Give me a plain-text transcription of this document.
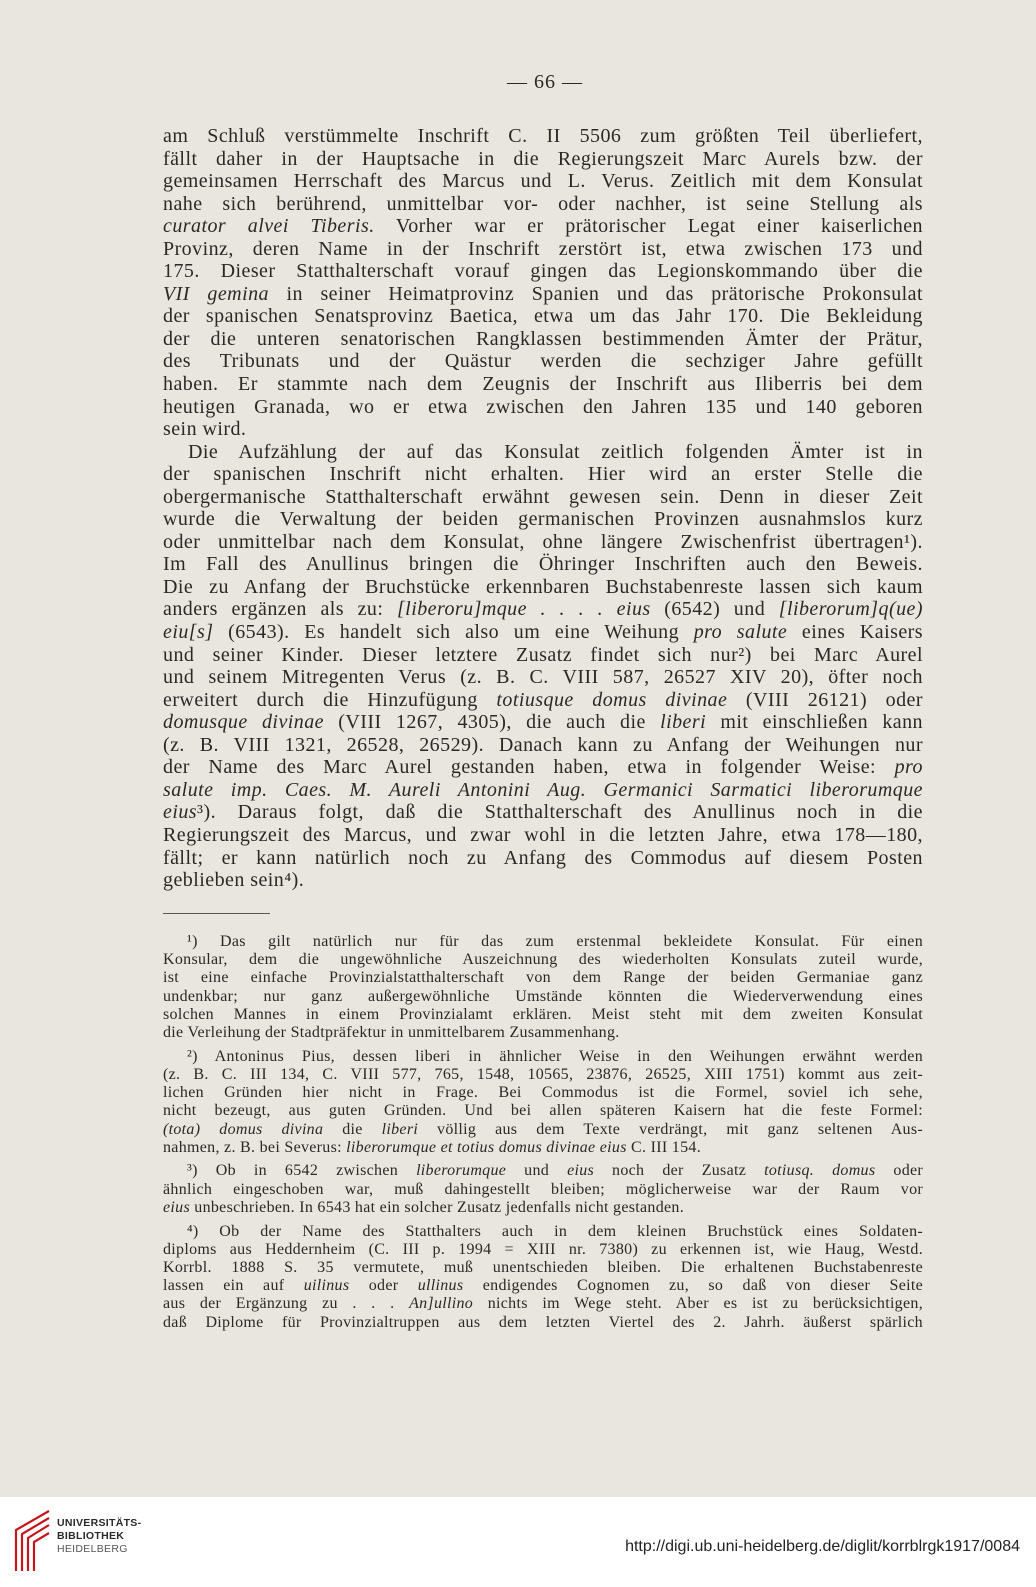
— 66 —
am Schluß verstümmelte Inschrift C. II 5506 zum größten Teil überliefert,
fällt daher in der Hauptsache in die Regierungszeit Marc Aurels bzw. der
gemeinsamen Herrschaft des Marcus und L. Verus. Zeitlich mit dem Konsulat
nahe sich berührend, unmittelbar vor- oder nachher, ist seine Stellung als
curator alvei Tiberis. Vorher war er prätorischer Legat einer kaiserlichen
Provinz, deren Name in der Inschrift zerstört ist, etwa zwischen 173 und
175. Dieser Statthalterschaft vorauf gingen das Legionskommando über die
VII gemina in seiner Heimatprovinz Spanien und das prätorische Prokonsulat
der spanischen Senatsprovinz Baetica, etwa um das Jahr 170. Die Bekleidung
der die unteren senatorischen Rangklassen bestimmenden Ämter der Prätur,
des Tribunats und der Quästur werden die sechziger Jahre gefüllt
haben. Er stammte nach dem Zeugnis der Inschrift aus Iliberris bei dem
heutigen Granada, wo er etwa zwischen den Jahren 135 und 140 geboren
sein wird.
Die Aufzählung der auf das Konsulat zeitlich folgenden Ämter ist in
der spanischen Inschrift nicht erhalten. Hier wird an erster Stelle die
obergermanische Statthalterschaft erwähnt gewesen sein. Denn in dieser Zeit
wurde die Verwaltung der beiden germanischen Provinzen ausnahmslos kurz
oder unmittelbar nach dem Konsulat, ohne längere Zwischenfrist übertragen¹).
Im Fall des Anullinus bringen die Öhringer Inschriften auch den Beweis.
Die zu Anfang der Bruchstücke erkennbaren Buchstabenreste lassen sich kaum
anders ergänzen als zu: [liberoru]mque . . . . eius (6542) und [liberorum]q(ue)
eiu[s] (6543). Es handelt sich also um eine Weihung pro salute eines Kaisers
und seiner Kinder. Dieser letztere Zusatz findet sich nur²) bei Marc Aurel
und seinem Mitregenten Verus (z. B. C. VIII 587, 26527 XIV 20), öfter noch
erweitert durch die Hinzufügung totiusque domus divinae (VIII 26121) oder
domusque divinae (VIII 1267, 4305), die auch die liberi mit einschließen kann
(z. B. VIII 1321, 26528, 26529). Danach kann zu Anfang der Weihungen nur
der Name des Marc Aurel gestanden haben, etwa in folgender Weise: pro
salute imp. Caes. M. Aureli Antonini Aug. Germanici Sarmatici liberorumque
eius³). Daraus folgt, daß die Statthalterschaft des Anullinus noch in die
Regierungszeit des Marcus, und zwar wohl in die letzten Jahre, etwa 178—180,
fällt; er kann natürlich noch zu Anfang des Commodus auf diesem Posten
geblieben sein⁴).
¹) Das gilt natürlich nur für das zum erstenmal bekleidete Konsulat. Für einen
Konsular, dem die ungewöhnliche Auszeichnung des wiederholten Konsulats zuteil wurde,
ist eine einfache Provinzialstatthalterschaft von dem Range der beiden Germaniae ganz
undenkbar; nur ganz außergewöhnliche Umstände könnten die Wiederverwendung eines
solchen Mannes in einem Provinzialamt erklären. Meist steht mit dem zweiten Konsulat
die Verleihung der Stadtpräfektur in unmittelbarem Zusammenhang.
²) Antoninus Pius, dessen liberi in ähnlicher Weise in den Weihungen erwähnt werden
(z. B. C. III 134, C. VIII 577, 765, 1548, 10565, 23876, 26525, XIII 1751) kommt aus zeit-
lichen Gründen hier nicht in Frage. Bei Commodus ist die Formel, soviel ich sehe,
nicht bezeugt, aus guten Gründen. Und bei allen späteren Kaisern hat die feste Formel:
(tota) domus divina die liberi völlig aus dem Texte verdrängt, mit ganz seltenen Aus-
nahmen, z. B. bei Severus: liberorumque et totius domus divinae eius C. III 154.
³) Ob in 6542 zwischen liberorumque und eius noch der Zusatz totiusq. domus oder
ähnlich eingeschoben war, muß dahingestellt bleiben; möglicherweise war der Raum vor
eius unbeschrieben. In 6543 hat ein solcher Zusatz jedenfalls nicht gestanden.
⁴) Ob der Name des Statthalters auch in dem kleinen Bruchstück eines Soldaten-
diploms aus Heddernheim (C. III p. 1994 = XIII nr. 7380) zu erkennen ist, wie Haug, Westd.
Korrbl. 1888 S. 35 vermutete, muß unentschieden bleiben. Die erhaltenen Buchstabenreste
lassen ein auf uilinus oder ullinus endigendes Cognomen zu, so daß von dieser Seite
aus der Ergänzung zu . . . An]ullino nichts im Wege steht. Aber es ist zu berücksichtigen,
daß Diplome für Provinzialtruppen aus dem letzten Viertel des 2. Jahrh. äußerst spärlich
UNIVERSITÄTS-
BIBLIOTHEK
HEIDELBERG	http://digi.ub.uni-heidelberg.de/diglit/korrblrgk1917/0084
